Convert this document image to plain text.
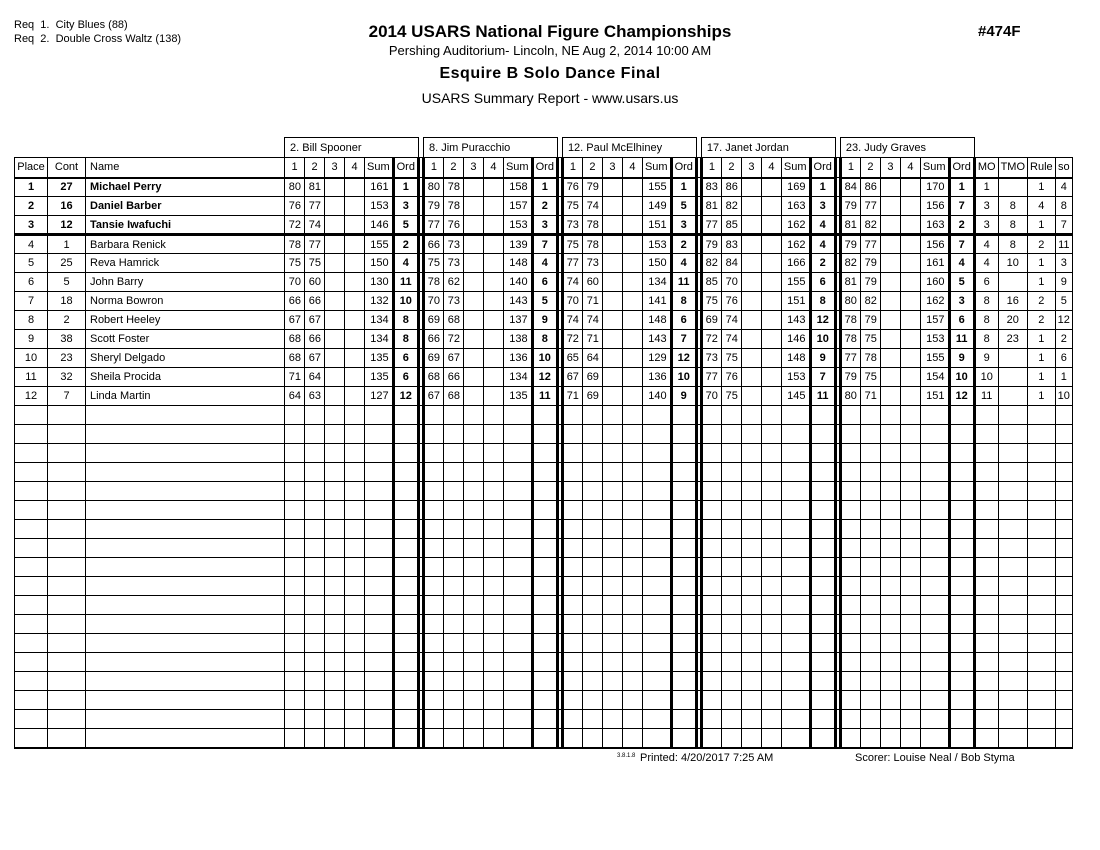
Req  1.  City Blues (88)
Req  2.  Double Cross Waltz (138)	2014 USARS National Figure Championships
Pershing Auditorium- Lincoln, NE Aug 2, 2014 10:00 AM
Esquire B Solo Dance Final
USARS Summary Report - www.usars.us
#474F
			2. Bill Spooner							8. Jim Puracchio							12. Paul McElhiney							17. Janet Jordan							23. Judy Graves									
Place	Cont	Name	1	2	3	4	Sum	Ord		1	2	3	4	Sum	Ord		1	2	3	4	Sum	Ord		1	2	3	4	Sum	Ord		1	2	3	4	Sum	Ord	MO	TMO	Rule	so
1	27	Michael Perry	80	81			161	1		80	78			158	1		76	79			155	1		83	86			169	1		84	86			170	1	1		1	4
2	16	Daniel Barber	76	77			153	3		79	78			157	2		75	74			149	5		81	82			163	3		79	77			156	7	3	8	4	8
3	12	Tansie Iwafuchi	72	74			146	5		77	76			153	3		73	78			151	3		77	85			162	4		81	82			163	2	3	8	1	7
4	1	Barbara Renick	78	77			155	2		66	73			139	7		75	78			153	2		79	83			162	4		79	77			156	7	4	8	2	11
5	25	Reva Hamrick	75	75			150	4		75	73			148	4		77	73			150	4		82	84			166	2		82	79			161	4	4	10	1	3
6	5	John Barry	70	60			130	11		78	62			140	6		74	60			134	11		85	70			155	6		81	79			160	5	6		1	9
7	18	Norma Bowron	66	66			132	10		70	73			143	5		70	71			141	8		75	76			151	8		80	82			162	3	8	16	2	5
8	2	Robert Heeley	67	67			134	8		69	68			137	9		74	74			148	6		69	74			143	12		78	79			157	6	8	20	2	12
9	38	Scott Foster	68	66			134	8		66	72			138	8		72	71			143	7		72	74			146	10		78	75			153	11	8	23	1	2
10	23	Sheryl Delgado	68	67			135	6		69	67			136	10		65	64			129	12		73	75			148	9		77	78			155	9	9		1	6
11	32	Sheila Procida	71	64			135	6		68	66			134	12		67	69			136	10		77	76			153	7		79	75			154	10	10		1	1
12	7	Linda Martin	64	63			127	12		67	68			135	11		71	69			140	9		70	75			145	11		80	71			151	12	11		1	10

3.8.1.8 Printed: 4/20/2017 7:25 AM	Scorer: Louise Neal / Bob Styma
